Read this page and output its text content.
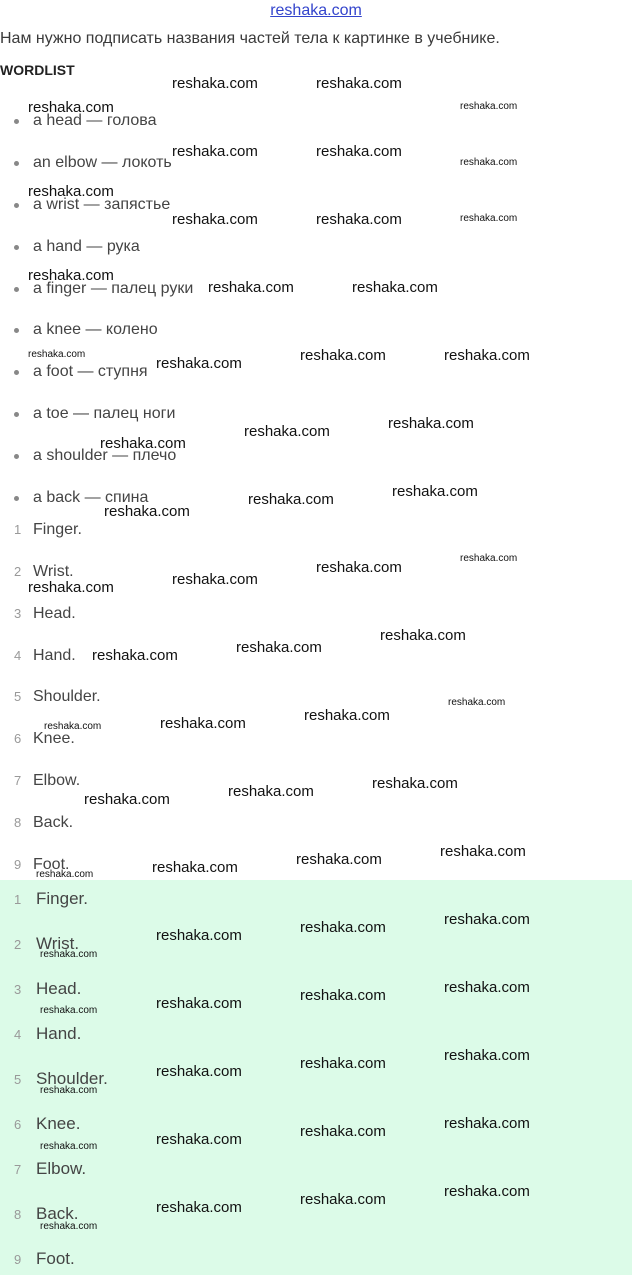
reshaka.com
Нам нужно подписать названия частей тела к картинке в учебнике.
WORDLIST
a head — голова
an elbow — локоть
a wrist — запястье
a hand — рука
a finger — палец руки
a knee — колено
a foot — ступня
a toe — палец ноги
a shoulder — плечо
a back — спина
1 Finger.
2 Wrist.
3 Head.
4 Hand.
5 Shoulder.
6 Knee.
7 Elbow.
8 Back.
9 Foot.
1 Finger.
2 Wrist.
3 Head.
4 Hand.
5 Shoulder.
6 Knee.
7 Elbow.
8 Back.
9 Foot.
reshaka.com	reshaka.com
reshaka.com	reshaka.com
reshaka.com	reshaka.com
reshaka.com
reshaka.com
reshaka.com	reshaka.com	reshaka.com
reshaka.com
reshaka.com	reshaka.com
reshaka.com
reshaka.com	reshaka.com	reshaka.com
reshaka.com
reshaka.com
reshaka.com
reshaka.com
reshaka.com
reshaka.com
reshaka.com
reshaka.com
reshaka.com
reshaka.com
reshaka.com
reshaka.com
reshaka.com
reshaka.com
reshaka.com
reshaka.com
reshaka.com
reshaka.com
reshaka.com
reshaka.com
reshaka.com
reshaka.com
reshaka.com
reshaka.com
reshaka.com
reshaka.com
reshaka.com
reshaka.com
reshaka.com
reshaka.com
reshaka.com
reshaka.com
reshaka.com
reshaka.com
reshaka.com
reshaka.com
reshaka.com
reshaka.com
reshaka.com
reshaka.com
reshaka.com
reshaka.com
reshaka.com
reshaka.com
